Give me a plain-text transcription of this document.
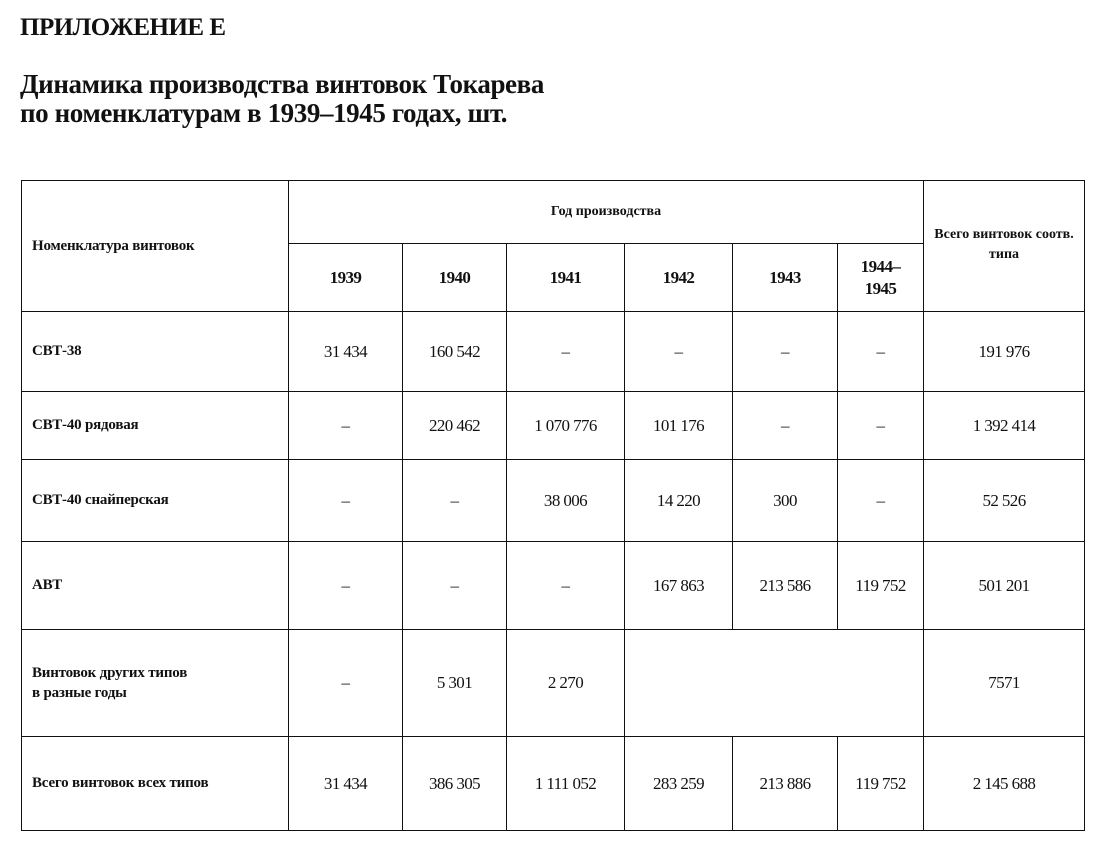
ПРИЛОЖЕНИЕ Е
Динамика производства винтовок Токарева
по номенклатурам в 1939–1945 годах, шт.
Номенклатура винтовок	Год производства						Всего винтовок соотв. типа
	1939	1940	1941	1942	1943	1944–1945	
СВТ-38	31 434	160 542	–	–	–	–	191 976
СВТ-40 рядовая	–	220 462	1 070 776	101 176	–	–	1 392 414
СВТ-40 снайперская	–	–	38 006	14 220	300	–	52 526
АВТ	–	–	–	167 863	213 586	119 752	501 201

Винтовок других типов
в разные годы	–	5 301	2 270				7571
Всего винтовок всех типов	31 434	386 305	1 111 052	283 259	213 886	119 752	2 145 688
